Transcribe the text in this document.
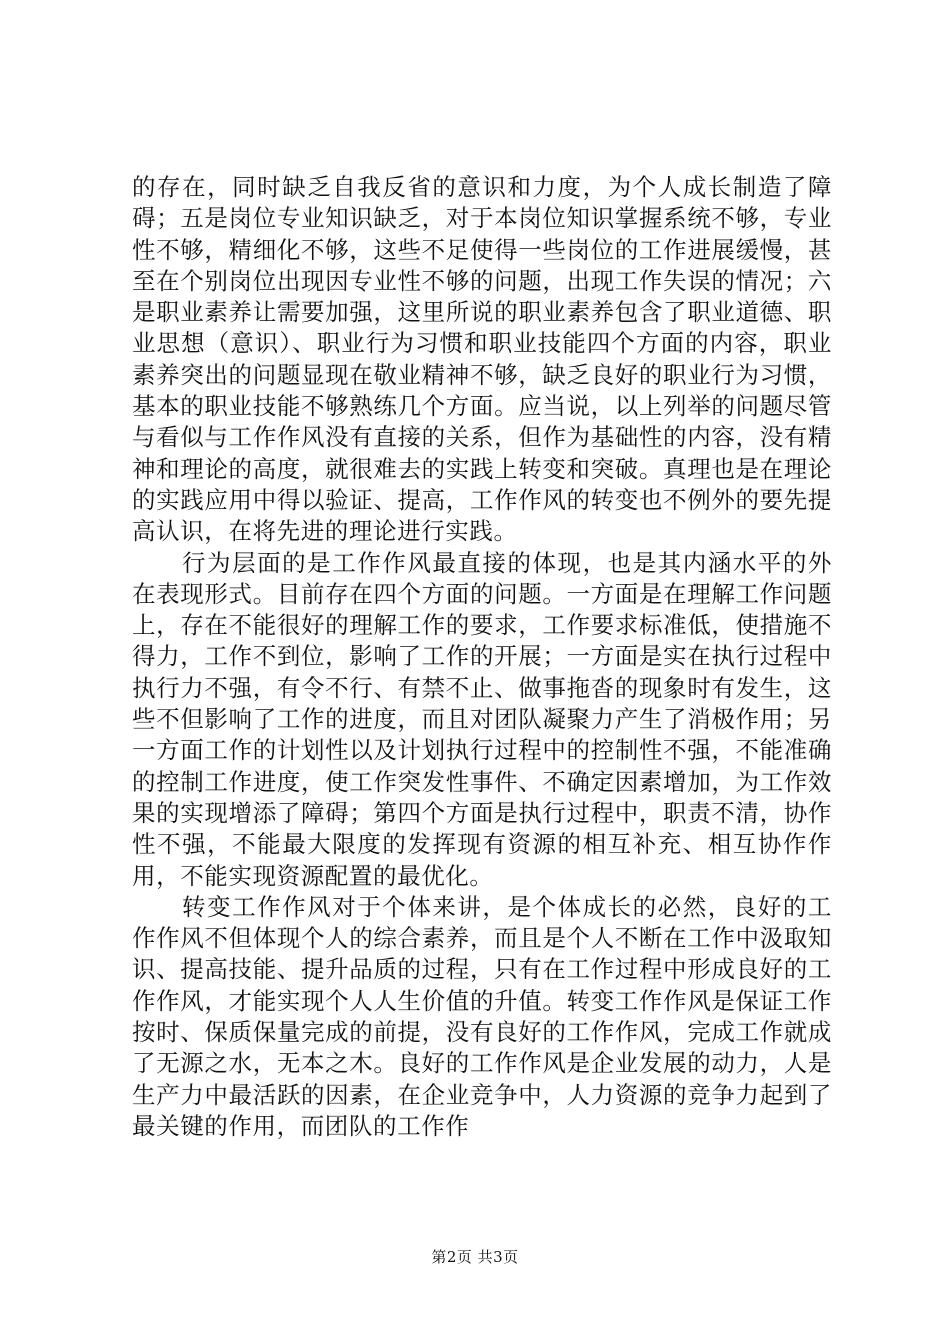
的存在，同时缺乏自我反省的意识和力度，为个人成长制造了障碍；五是岗位专业知识缺乏，对于本岗位知识掌握系统不够，专业性不够，精细化不够，这些不足使得一些岗位的工作进展缓慢，甚至在个别岗位出现因专业性不够的问题，出现工作失误的情况；六是职业素养让需要加强，这里所说的职业素养包含了职业道德、职业思想（意识）、职业行为习惯和职业技能四个方面的内容，职业素养突出的问题显现在敬业精神不够，缺乏良好的职业行为习惯，基本的职业技能不够熟练几个方面。应当说，以上列举的问题尽管与看似与工作作风没有直接的关系，但作为基础性的内容，没有精神和理论的高度，就很难去的实践上转变和突破。真理也是在理论的实践应用中得以验证、提高，工作作风的转变也不例外的要先提高认识，在将先进的理论进行实践。

行为层面的是工作作风最直接的体现，也是其内涵水平的外在表现形式。目前存在四个方面的问题。一方面是在理解工作问题上，存在不能很好的理解工作的要求，工作要求标准低，使措施不得力，工作不到位，影响了工作的开展；一方面是实在执行过程中执行力不强，有令不行、有禁不止、做事拖沓的现象时有发生，这些不但影响了工作的进度，而且对团队凝聚力产生了消极作用；另一方面工作的计划性以及计划执行过程中的控制性不强，不能准确的控制工作进度，使工作突发性事件、不确定因素增加，为工作效果的实现增添了障碍；第四个方面是执行过程中，职责不清，协作性不强，不能最大限度的发挥现有资源的相互补充、相互协作作用，不能实现资源配置的最优化。

转变工作作风对于个体来讲，是个体成长的必然，良好的工作作风不但体现个人的综合素养，而且是个人不断在工作中汲取知识、提高技能、提升品质的过程，只有在工作过程中形成良好的工作作风，才能实现个人人生价值的升值。转变工作作风是保证工作按时、保质保量完成的前提，没有良好的工作作风，完成工作就成了无源之水，无本之木。良好的工作作风是企业发展的动力，人是生产力中最活跃的因素，在企业竞争中，人力资源的竞争力起到了最关键的作用，而团队的工作作

第2页 共3页
